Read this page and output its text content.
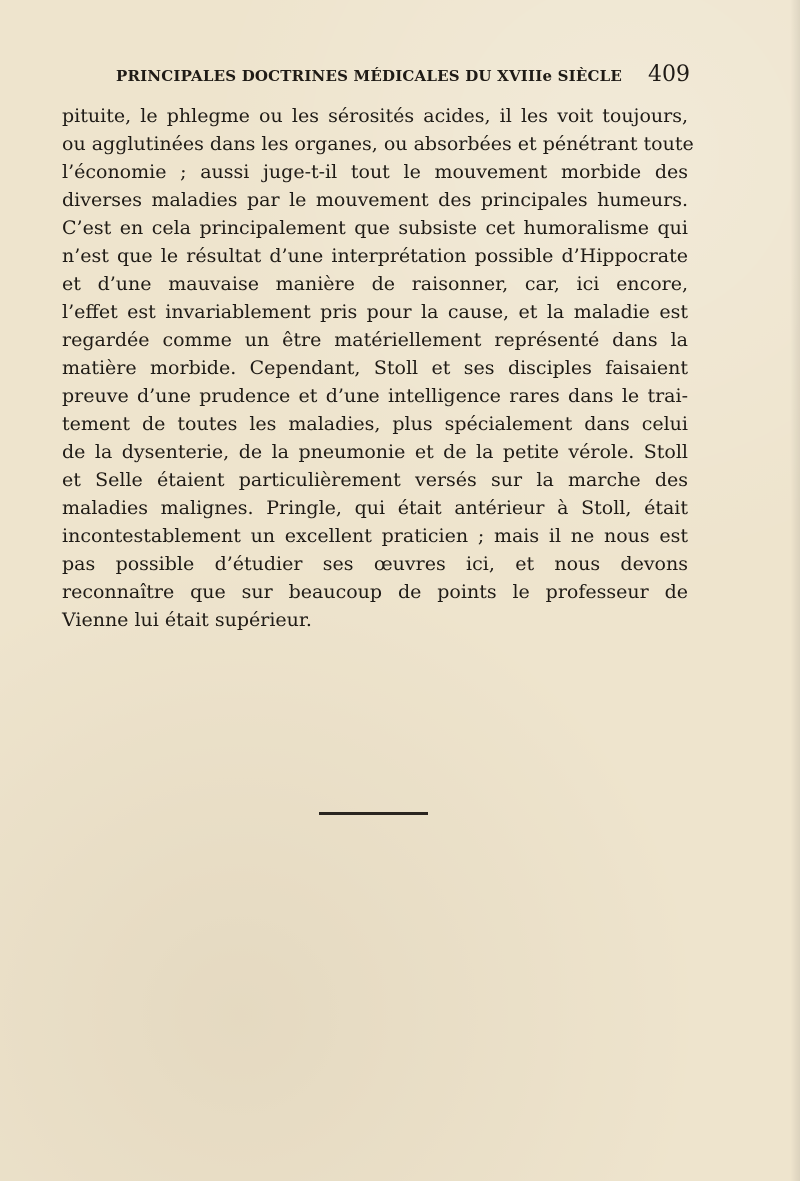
PRINCIPALES DOCTRINES MÉDICALES DU XVIIIe SIÈCLE 409
pituite, le phlegme ou les sérosités acides, il les voit toujours,
ou agglutinées dans les organes, ou absorbées et pénétrant toute
l’économie ; aussi juge-t-il tout le mouvement morbide des
diverses maladies par le mouvement des principales humeurs.
C’est en cela principalement que subsiste cet humoralisme qui
n’est que le résultat d’une interprétation possible d’Hippocrate
et d’une mauvaise manière de raisonner, car, ici encore,
l’effet est invariablement pris pour la cause, et la maladie est
regardée comme un être matériellement représenté dans la
matière morbide. Cependant, Stoll et ses disciples faisaient
preuve d’une prudence et d’une intelligence rares dans le trai-
tement de toutes les maladies, plus spécialement dans celui
de la dysenterie, de la pneumonie et de la petite vérole. Stoll
et Selle étaient particulièrement versés sur la marche des
maladies malignes. Pringle, qui était antérieur à Stoll, était
incontestablement un excellent praticien ; mais il ne nous est
pas possible d’étudier ses œuvres ici, et nous devons
reconnaître que sur beaucoup de points le professeur de
Vienne lui était supérieur.
